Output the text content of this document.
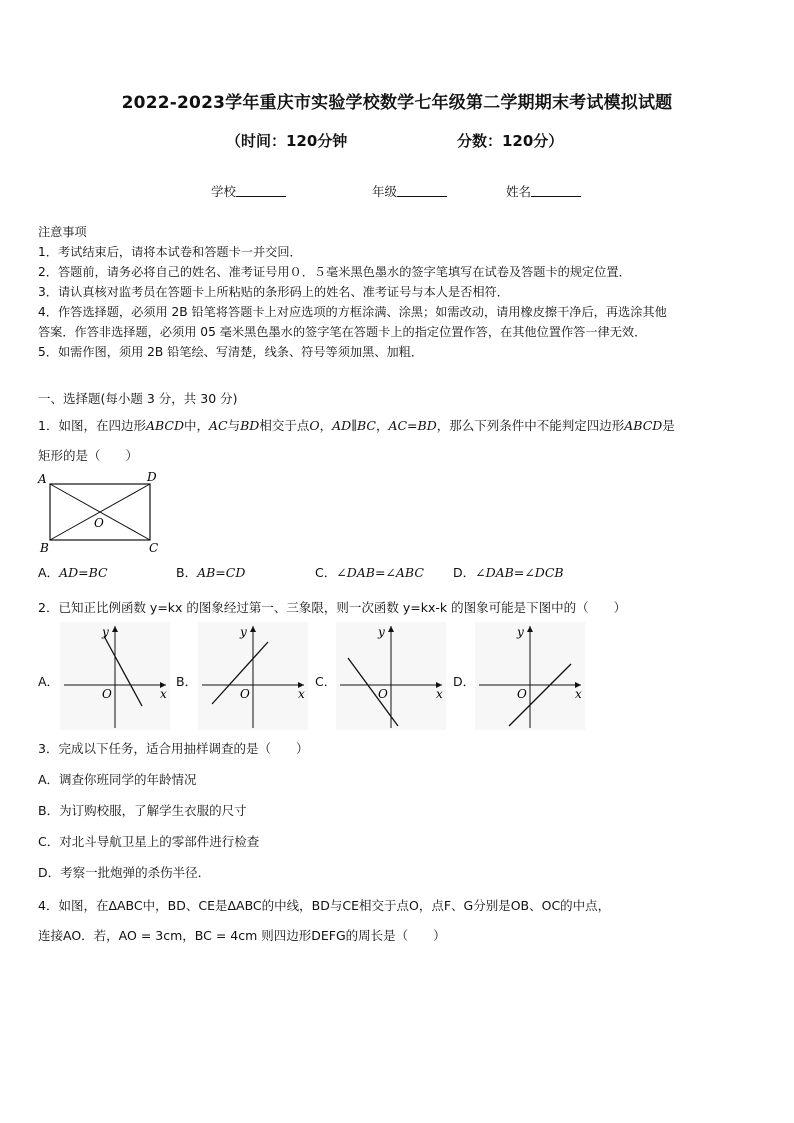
2022-2023学年重庆市实验学校数学七年级第二学期期末考试模拟试题
（时间：120分钟	分数：120分）
学校	年级	姓名
注意事项
1．考试结束后，请将本试卷和答题卡一并交回．
2．答题前，请务必将自己的姓名、准考证号用０．５毫米黑色墨水的签字笔填写在试卷及答题卡的规定位置．
3．请认真核对监考员在答题卡上所粘贴的条形码上的姓名、准考证号与本人是否相符．
4．作答选择题，必须用 2B 铅笔将答题卡上对应选项的方框涂满、涂黑；如需改动，请用橡皮擦干净后，再选涂其他
答案．作答非选择题，必须用 05 毫米黑色墨水的签字笔在答题卡上的指定位置作答，在其他位置作答一律无效．
5．如需作图，须用 2B 铅笔绘、写清楚，线条、符号等须加黑、加粗．
一、选择题(每小题 3 分，共 30 分)
1．如图，在四边形ABCD中，AC与BD相交于点O，AD∥BC，AC=BD，那么下列条件中不能判定四边形ABCD是
矩形的是（　　）
A	D
O
B	C
A．AD=BC	B．AB=CD	C．∠DAB=∠ABC D．∠DAB=∠DCB
2．已知正比例函数 y=kx 的图象经过第一、三象限，则一次函数 y=kx-k 的图象可能是下图中的（　　）
A．	B．	C．	D．
y
x
O
y
x
O
y
x
O
y
x
O
3．完成以下任务，适合用抽样调查的是（　　）
A．调查你班同学的年龄情况
B．为订购校服，了解学生衣服的尺寸
C．对北斗导航卫星上的零部件进行检查
D．考察一批炮弹的杀伤半径．
4．如图，在ΔABC中，BD、CE是ΔABC的中线，BD与CE相交于点O，点F、G分别是OB、OC的中点，
连接AO．若，AO = 3cm，BC = 4cm 则四边形DEFG的周长是（　　）
